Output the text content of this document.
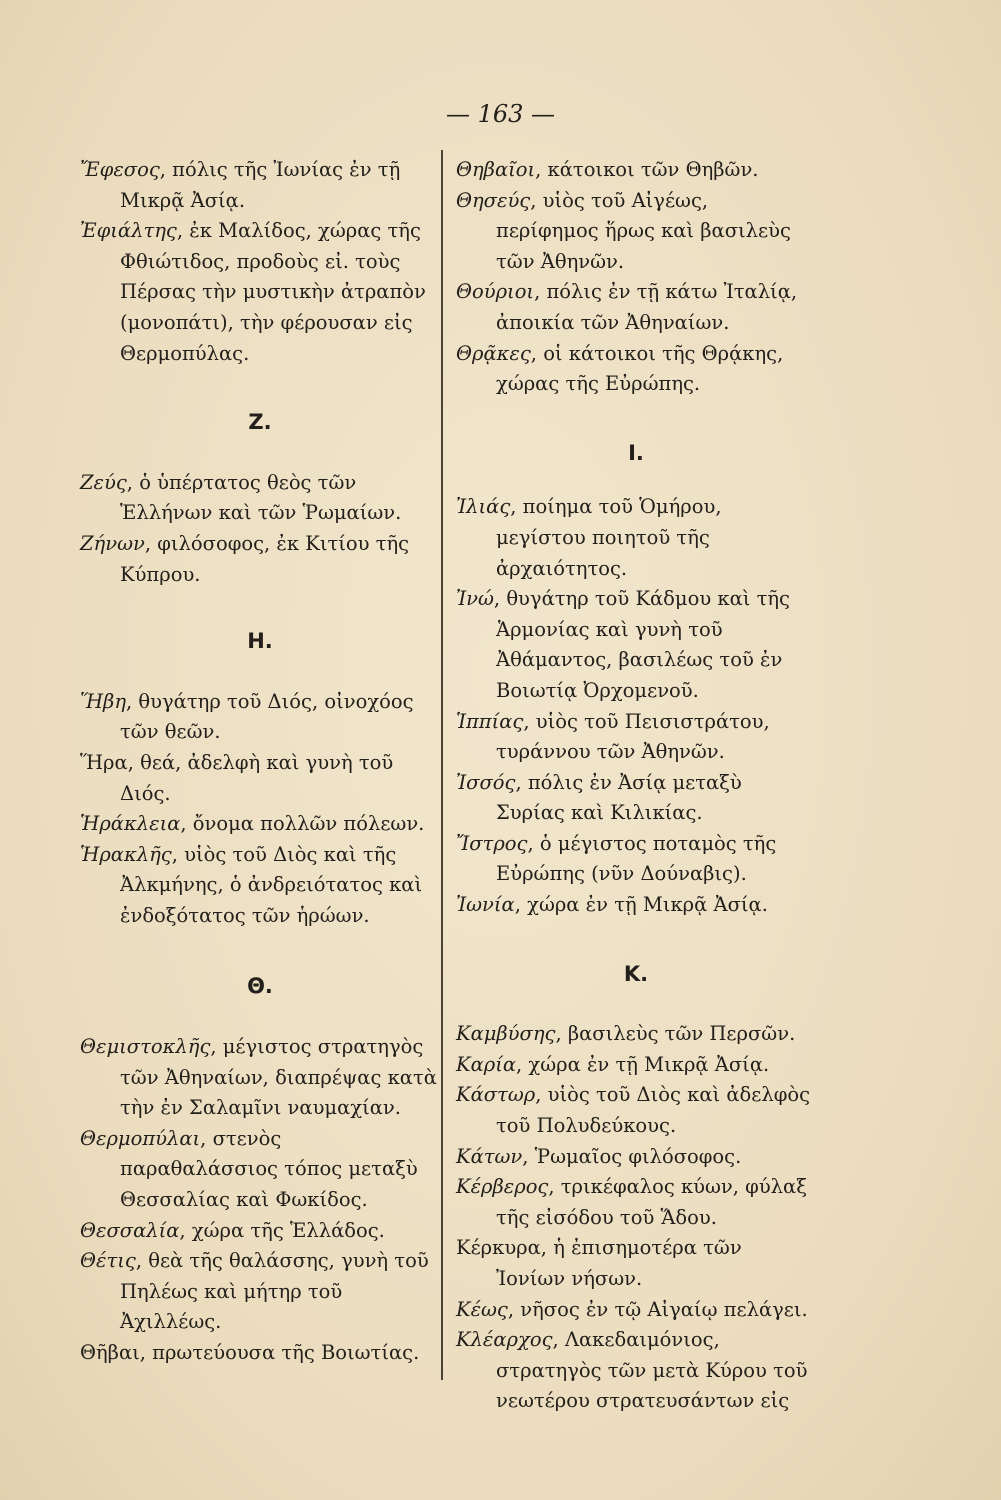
— 163 —
Ἔφεσος, πόλις τῆς Ἰωνίας ἐν τῇ Μικρᾷ Ἀσίᾳ.
Ἐφιάλτης, ἐκ Μαλίδος, χώρας τῆς Φθιώτιδος, προδοὺς εἰ. τοὺς Πέρσας τὴν μυστικὴν ἀτραπὸν (μονοπάτι), τὴν φέρουσαν εἰς Θερμοπύλας.
Z.
Ζεύς, ὁ ὑπέρτατος θεὸς τῶν Ἑλλήνων καὶ τῶν Ῥωμαίων.
Ζήνων, φιλόσοφος, ἐκ Κιτίου τῆς Κύπρου.
H.
Ἥβη, θυγάτηρ τοῦ Διός, οἰνοχόος τῶν θεῶν.
Ἥρα, θεά, ἀδελφὴ καὶ γυνὴ τοῦ Διός.
Ἡράκλεια, ὄνομα πολλῶν πόλεων.
Ἡρακλῆς, υἱὸς τοῦ Διὸς καὶ τῆς Ἀλκμήνης, ὁ ἀνδρειότατος καὶ ἐνδοξότατος τῶν ἡρώων.
Θ.
Θεμιστοκλῆς, μέγιστος στρατηγὸς τῶν Ἀθηναίων, διαπρέψας κατὰ τὴν ἐν Σαλαμῖνι ναυμαχίαν.
Θερμοπύλαι, στενὸς παραθαλάσσιος τόπος μεταξὺ Θεσσαλίας καὶ Φωκίδος.
Θεσσαλία, χώρα τῆς Ἑλλάδος.
Θέτις, θεὰ τῆς θαλάσσης, γυνὴ τοῦ Πηλέως καὶ μήτηρ τοῦ Ἀχιλλέως.
Θῆβαι, πρωτεύουσα τῆς Βοιωτίας.
Θηβαῖοι, κάτοικοι τῶν Θηβῶν.
Θησεύς, υἱὸς τοῦ Αἰγέως, περίφημος ἥρως καὶ βασιλεὺς τῶν Ἀθηνῶν.
Θούριοι, πόλις ἐν τῇ κάτω Ἰταλίᾳ, ἀποικία τῶν Ἀθηναίων.
Θρᾷκες, οἱ κάτοικοι τῆς Θρᾴκης, χώρας τῆς Εὐρώπης.
I.
Ἰλιάς, ποίημα τοῦ Ὁμήρου, μεγίστου ποιητοῦ τῆς ἀρχαιότητος.
Ἰνώ, θυγάτηρ τοῦ Κάδμου καὶ τῆς Ἁρμονίας καὶ γυνὴ τοῦ Ἀθάμαντος, βασιλέως τοῦ ἐν Βοιωτίᾳ Ὀρχομενοῦ.
Ἱππίας, υἱὸς τοῦ Πεισιστράτου, τυράννου τῶν Ἀθηνῶν.
Ἰσσός, πόλις ἐν Ἀσίᾳ μεταξὺ Συρίας καὶ Κιλικίας.
Ἴστρος, ὁ μέγιστος ποταμὸς τῆς Εὐρώπης (νῦν Δούναβις).
Ἰωνία, χώρα ἐν τῇ Μικρᾷ Ἀσίᾳ.
K.
Καμβύσης, βασιλεὺς τῶν Περσῶν.
Καρία, χώρα ἐν τῇ Μικρᾷ Ἀσίᾳ.
Κάστωρ, υἱὸς τοῦ Διὸς καὶ ἀδελφὸς τοῦ Πολυδεύκους.
Κάτων, Ῥωμαῖος φιλόσοφος.
Κέρβερος, τρικέφαλος κύων, φύλαξ τῆς εἰσόδου τοῦ Ἅδου.
Κέρκυρα, ἡ ἐπισημοτέρα τῶν Ἰονίων νήσων.
Κέως, νῆσος ἐν τῷ Αἰγαίῳ πελάγει.
Κλέαρχος, Λακεδαιμόνιος, στρατηγὸς τῶν μετὰ Κύρου τοῦ νεωτέρου στρατευσάντων εἰς
